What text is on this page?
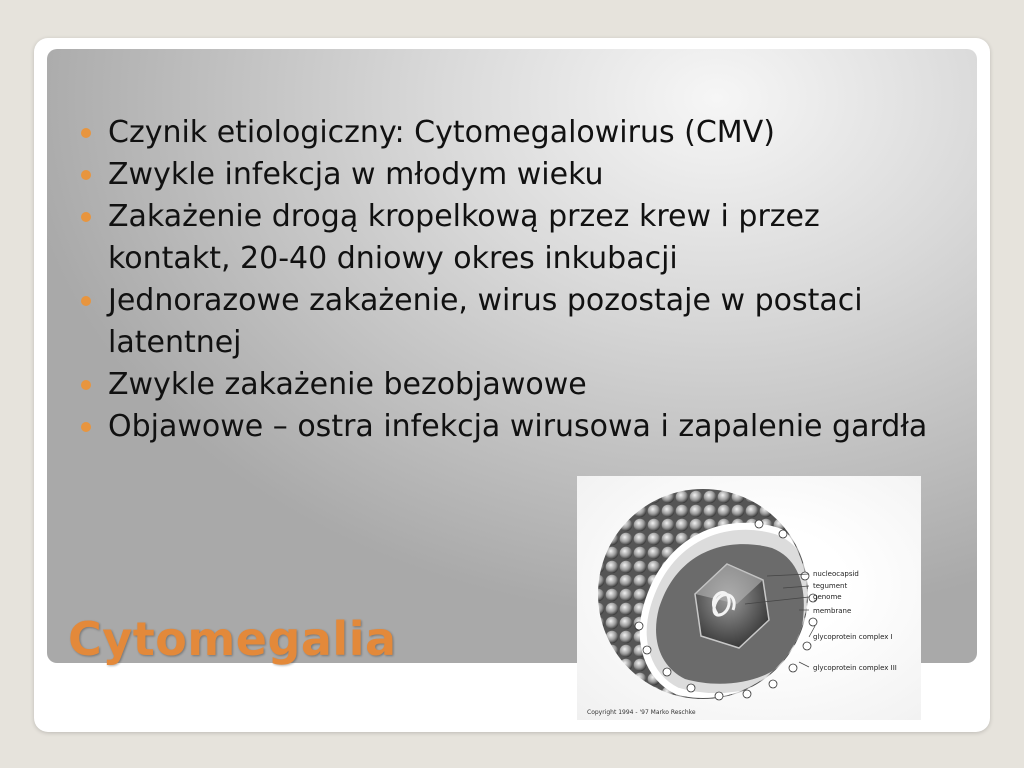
Czynik etiologiczny: Cytomegalowirus (CMV)
Zwykle infekcja w młodym wieku
Zakażenie drogą kropelkową przez krew i przez kontakt, 20-40 dniowy okres inkubacji
Jednorazowe zakażenie, wirus pozostaje w postaci latentnej
Zwykle zakażenie bezobjawowe
Objawowe – ostra infekcja wirusowa i zapalenie gardła
Cytomegalia
nucleocapsid
tegument
genome
membrane
glycoprotein complex I
glycoprotein complex III
Copyright 1994 - '97 Marko Reschke
